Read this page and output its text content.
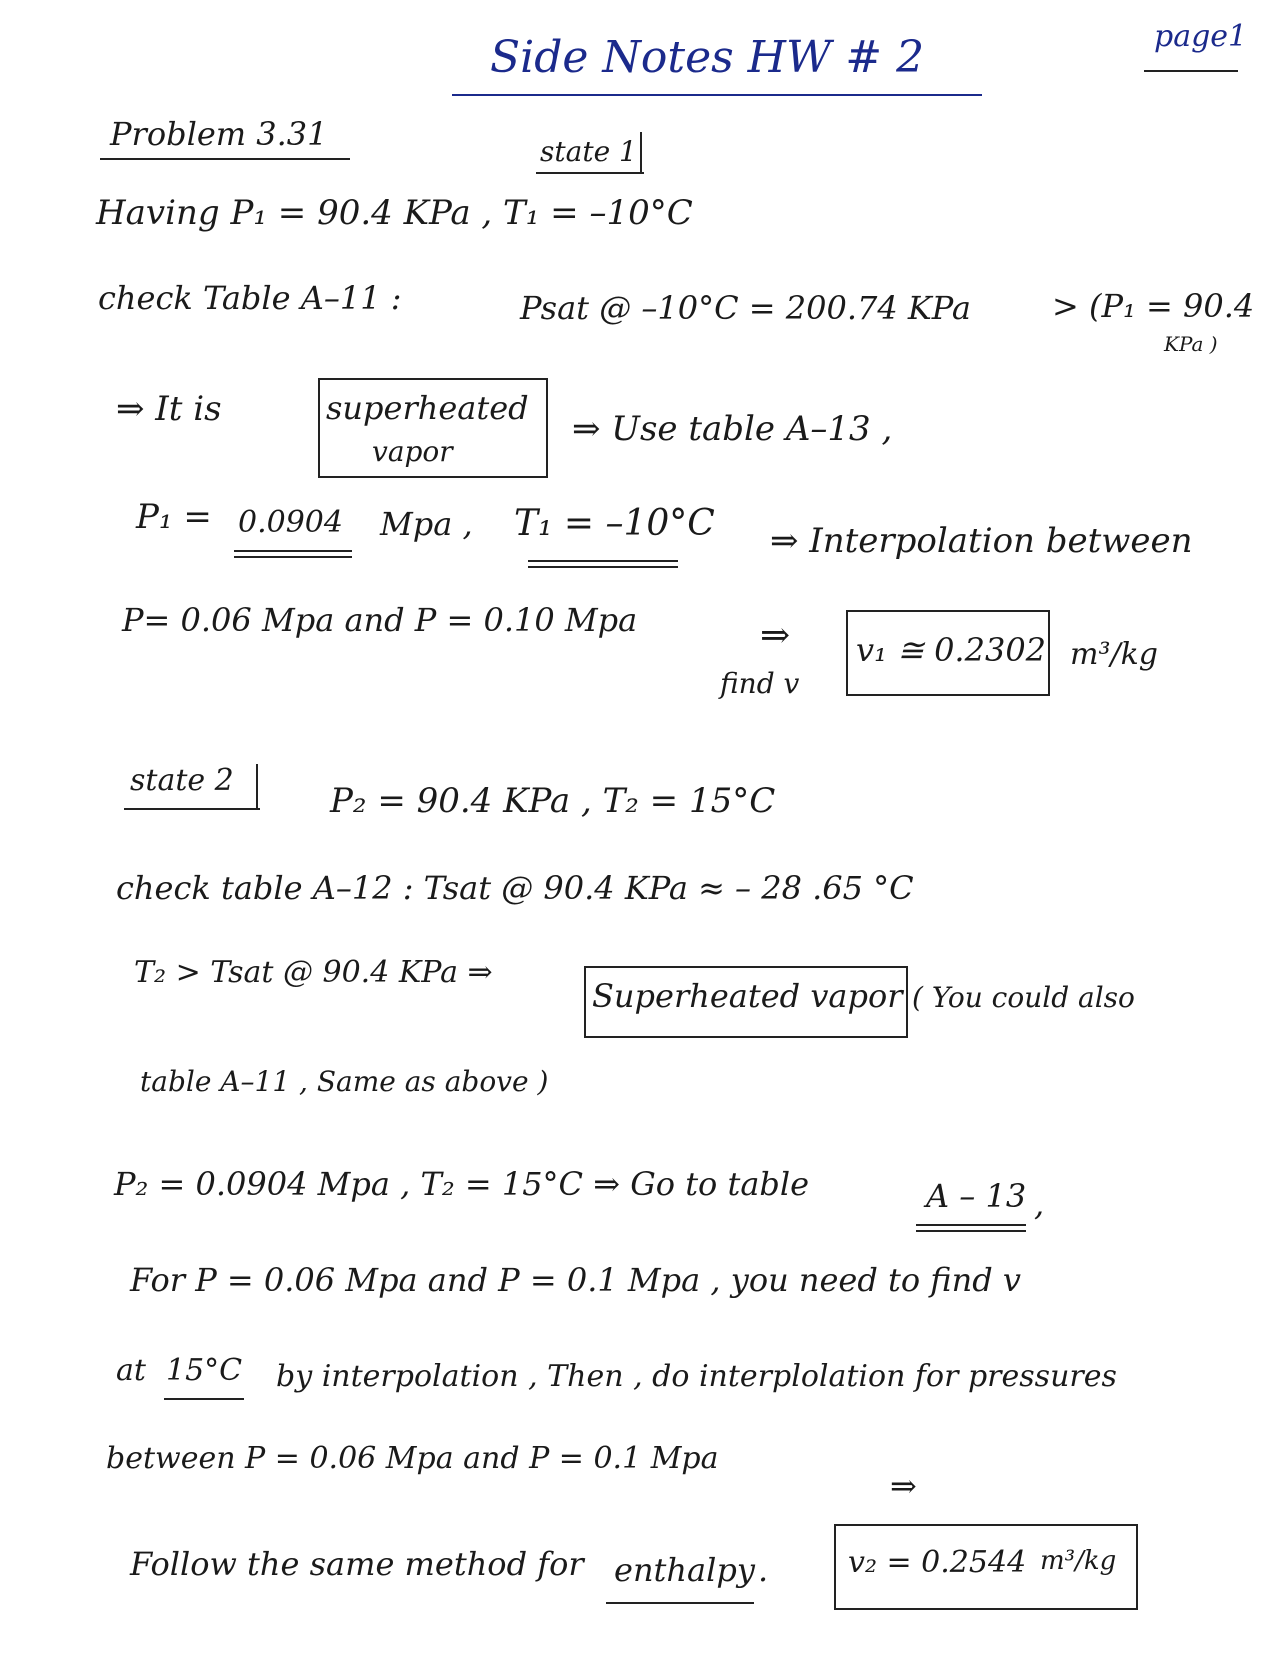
Side Notes HW # 2	page1
Problem 3.31	state 1
Having P₁ = 90.4 KPa , T₁ = –10°C
check Table A–11 :	Psat @ –10°C = 200.74 KPa	> (P₁ = 90.4
KPa )
⇒ It is	superheated
vapor
⇒ Use table A–13 ,
P₁ = 0.0904 Mpa , T₁ = –10°C ⇒ Interpolation between
P= 0.06 Mpa and P = 0.10 Mpa	⇒
find v
v₁ ≅ 0.2302 m³/kg
state 2
P₂ = 90.4 KPa , T₂ = 15°C
check table A–12 : Tsat @ 90.4 KPa ≈ – 28 .65 °C
T₂ > Tsat @ 90.4 KPa ⇒
Superheated vapor ( You could also
table A–11 , Same as above )
P₂ = 0.0904 Mpa , T₂ = 15°C ⇒ Go to table	A – 13 ,
For P = 0.06 Mpa and P = 0.1 Mpa , you need to find v
at 15°C by interpolation , Then , do interplolation for pressures
between P = 0.06 Mpa and P = 0.1 Mpa
⇒
Follow the same method for enthalpy .	v₂ = 0.2544 m³/kg
